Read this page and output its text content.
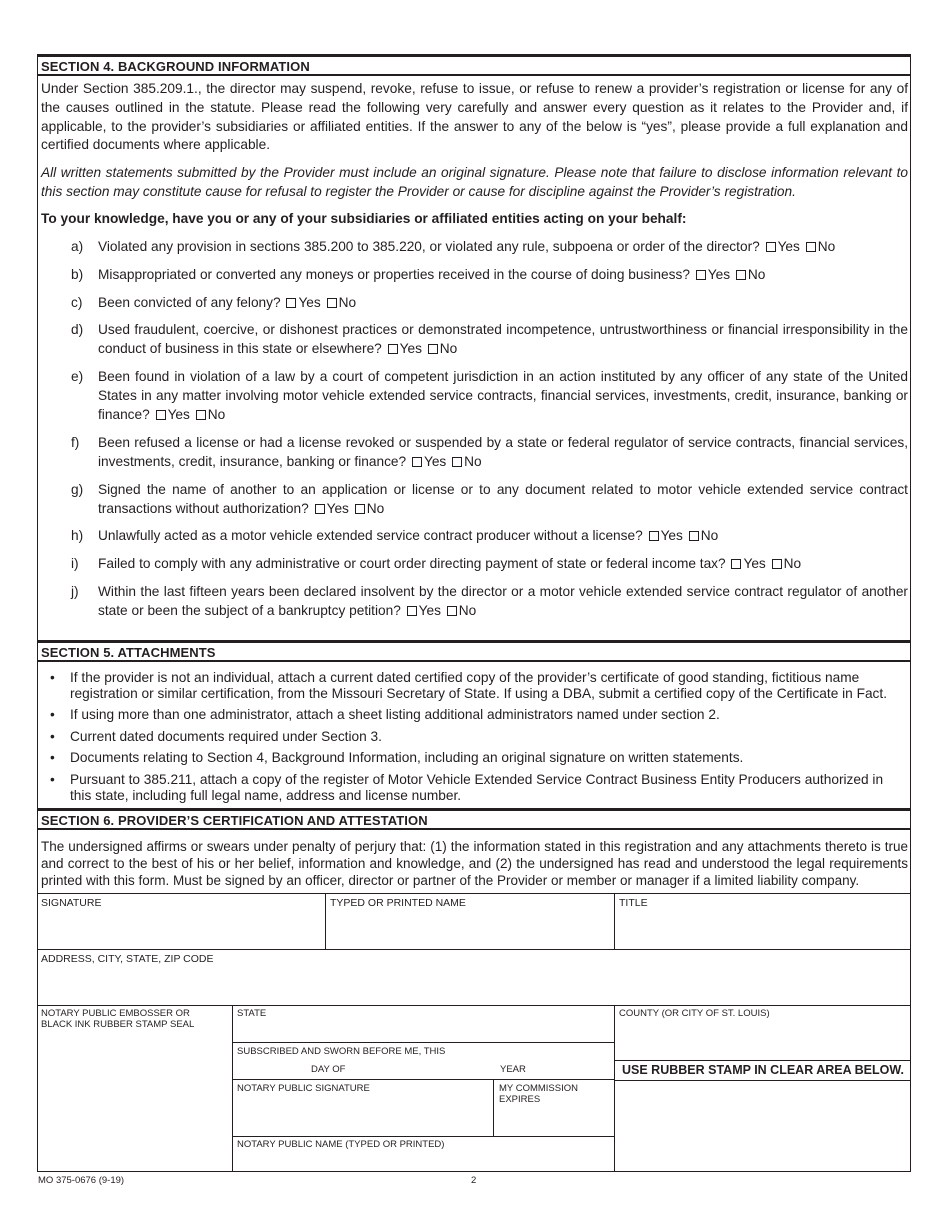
SECTION 4. BACKGROUND INFORMATION

Under Section 385.209.1., the director may suspend, revoke, refuse to issue, or refuse to renew a provider’s registration or license for any of the causes outlined in the statute. Please read the following very carefully and answer every question as it relates to the Provider and, if applicable, to the provider’s subsidiaries or affiliated entities. If the answer to any of the below is “yes”, please provide a full explanation and certified documents where applicable.

All written statements submitted by the Provider must include an original signature. Please note that failure to disclose information relevant to this section may constitute cause for refusal to register the Provider or cause for discipline against the Provider’s registration.

To your knowledge, have you or any of your subsidiaries or affiliated entities acting on your behalf:

a) Violated any provision in sections 385.200 to 385.220, or violated any rule, subpoena or order of the director? Yes No
b) Misappropriated or converted any moneys or properties received in the course of doing business? Yes No
c) Been convicted of any felony? Yes No
d) Used fraudulent, coercive, or dishonest practices or demonstrated incompetence, untrustworthiness or financial irresponsibility in the conduct of business in this state or elsewhere? Yes No
e) Been found in violation of a law by a court of competent jurisdiction in an action instituted by any officer of any state of the United States in any matter involving motor vehicle extended service contracts, financial services, investments, credit, insurance, banking or finance? Yes No
f) Been refused a license or had a license revoked or suspended by a state or federal regulator of service contracts, financial services, investments, credit, insurance, banking or finance? Yes No
g) Signed the name of another to an application or license or to any document related to motor vehicle extended service contract transactions without authorization? Yes No
h) Unlawfully acted as a motor vehicle extended service contract producer without a license? Yes No
i) Failed to comply with any administrative or court order directing payment of state or federal income tax? Yes No
j) Within the last fifteen years been declared insolvent by the director or a motor vehicle extended service contract regulator of another state or been the subject of a bankruptcy petition? Yes No
SECTION 5. ATTACHMENTS
• If the provider is not an individual, attach a current dated certified copy of the provider’s certificate of good standing, fictitious name registration or similar certification, from the Missouri Secretary of State. If using a DBA, submit a certified copy of the Certificate in Fact.
• If using more than one administrator, attach a sheet listing additional administrators named under section 2.
• Current dated documents required under Section 3.
• Documents relating to Section 4, Background Information, including an original signature on written statements.
• Pursuant to 385.211, attach a copy of the register of Motor Vehicle Extended Service Contract Business Entity Producers authorized in this state, including full legal name, address and license number.
SECTION 6. PROVIDER’S CERTIFICATION AND ATTESTATION

The undersigned affirms or swears under penalty of perjury that: (1) the information stated in this registration and any attachments thereto is true and correct to the best of his or her belief, information and knowledge, and (2) the undersigned has read and understood the legal requirements printed with this form. Must be signed by an officer, director or partner of the Provider or member or manager if a limited liability company.

SIGNATURE	TYPED OR PRINTED NAME	TITLE
ADDRESS, CITY, STATE, ZIP CODE
NOTARY PUBLIC EMBOSSER OR BLACK INK RUBBER STAMP SEAL
STATE	COUNTY (OR CITY OF ST. LOUIS)
SUBSCRIBED AND SWORN BEFORE ME, THIS
DAY OF	YEAR	USE RUBBER STAMP IN CLEAR AREA BELOW.
NOTARY PUBLIC SIGNATURE	MY COMMISSION EXPIRES
NOTARY PUBLIC NAME (TYPED OR PRINTED)
MO 375-0676 (9-19)	2
